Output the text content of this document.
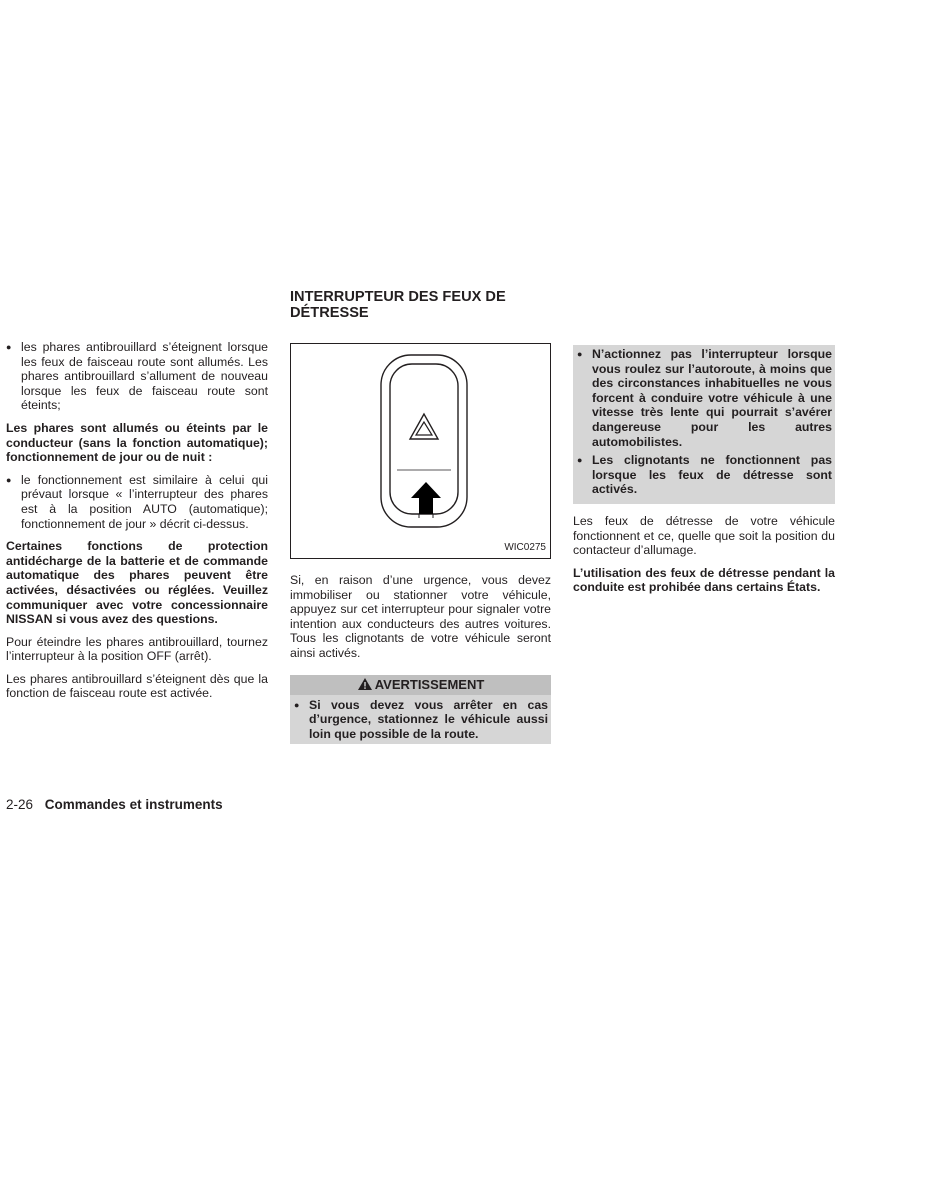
● les phares antibrouillard s’éteignent lorsque les feux de faisceau route sont allumés. Les phares antibrouillard s’allument de nouveau lorsque les feux de faisceau route sont éteints;

Les phares sont allumés ou éteints par le conducteur (sans la fonction automatique); fonctionnement de jour ou de nuit :

● le fonctionnement est similaire à celui qui prévaut lorsque « l’interrupteur des phares est à la position AUTO (automatique); fonctionnement de jour » décrit ci-dessus.

Certaines fonctions de protection antidécharge de la batterie et de commande automatique des phares peuvent être activées, désactivées ou réglées. Veuillez communiquer avec votre concessionnaire NISSAN si vous avez des questions.

Pour éteindre les phares antibrouillard, tournez l’interrupteur à la position OFF (arrêt).

Les phares antibrouillard s’éteignent dès que la fonction de faisceau route est activée.

INTERRUPTEUR DES FEUX DE DÉTRESSE
WIC0275

Si, en raison d’une urgence, vous devez immobiliser ou stationner votre véhicule, appuyez sur cet interrupteur pour signaler votre intention aux conducteurs des autres voitures. Tous les clignotants de votre véhicule seront ainsi activés.

AVERTISSEMENT
● Si vous devez vous arrêter en cas d’urgence, stationnez le véhicule aussi loin que possible de la route.
● N’actionnez pas l’interrupteur lorsque vous roulez sur l’autoroute, à moins que des circonstances inhabituelles ne vous forcent à conduire votre véhicule à une vitesse très lente qui pourrait s’avérer dangereuse pour les autres automobilistes.
● Les clignotants ne fonctionnent pas lorsque les feux de détresse sont activés.

Les feux de détresse de votre véhicule fonctionnent et ce, quelle que soit la position du contacteur d’allumage.

L’utilisation des feux de détresse pendant la conduite est prohibée dans certains États.

2-26 Commandes et instruments
